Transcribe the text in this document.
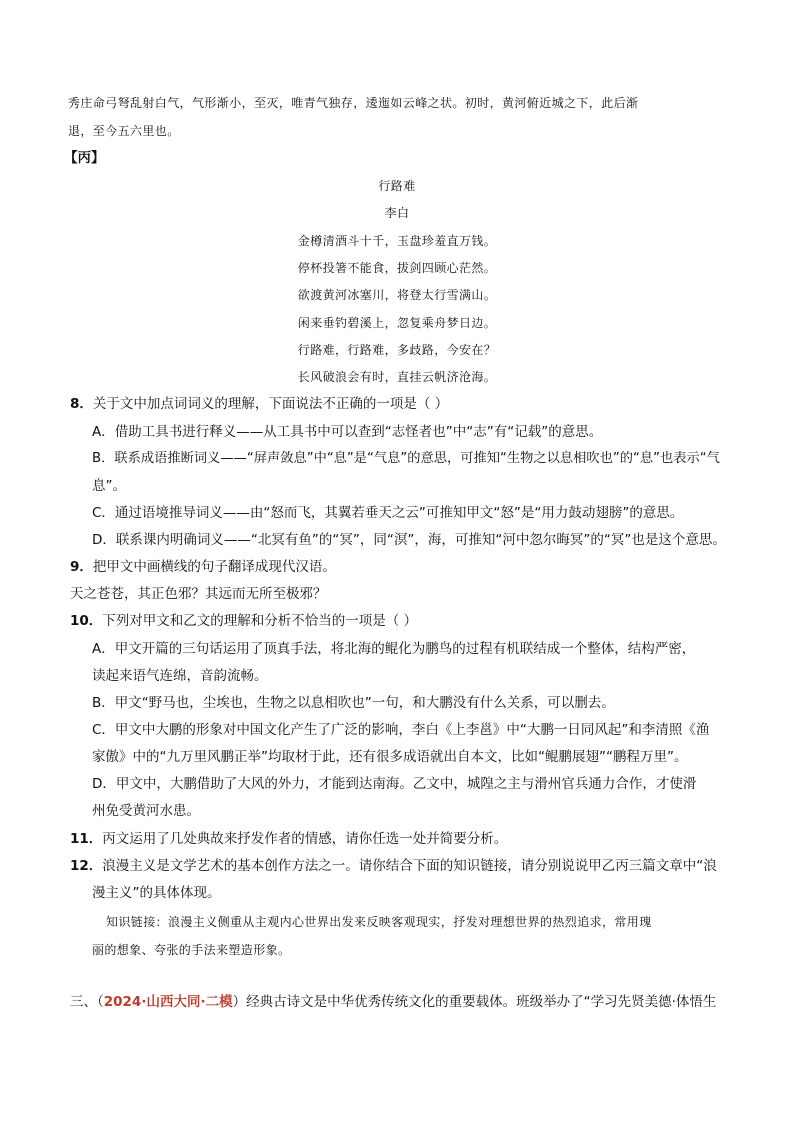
秀庄命弓弩乱射白气，气形渐小，至灭，唯青气独存，逶迤如云峰之状。初时，黄河俯近城之下，此后渐
退，至今五六里也。
【丙】
行路难
李白
金樽清酒斗十千，玉盘珍羞直万钱。
停杯投箸不能食，拔剑四顾心茫然。
欲渡黄河冰塞川，将登太行雪满山。
闲来垂钓碧溪上，忽复乘舟梦日边。
行路难，行路难，多歧路，今安在？
长风破浪会有时，直挂云帆济沧海。
8．关于文中加点词词义的理解，下面说法不正确的一项是（ ）
A．借助工具书进行释义——从工具书中可以查到“志怪者也”中“志”有“记载”的意思。
B．联系成语推断词义——“屏声敛息”中“息”是“气息”的意思，可推知“生物之以息相吹也”的“息”也表示“气
息”。
C．通过语境推导词义——由“怒而飞，其翼若垂天之云”可推知甲文“怒”是“用力鼓动翅膀”的意思。
D．联系课内明确词义——“北冥有鱼”的“冥”，同“溟”，海，可推知“河中忽尔晦冥”的“冥”也是这个意思。
9．把甲文中画横线的句子翻译成现代汉语。
天之苍苍，其正色邪？其远而无所至极邪？
10．下列对甲文和乙文的理解和分析不恰当的一项是（ ）
A．甲文开篇的三句话运用了顶真手法，将北海的鲲化为鹏鸟的过程有机联结成一个整体，结构严密，
读起来语气连绵，音韵流畅。
B．甲文“野马也，尘埃也，生物之以息相吹也”一句，和大鹏没有什么关系，可以删去。
C．甲文中大鹏的形象对中国文化产生了广泛的影响，李白《上李邕》中“大鹏一日同风起”和李清照《渔
家傲》中的“九万里风鹏正举”均取材于此，还有很多成语就出自本文，比如“鲲鹏展翅”“鹏程万里”。
D．甲文中，大鹏借助了大风的外力，才能到达南海。乙文中，城隍之主与滑州官兵通力合作，才使滑
州免受黄河水患。
11．丙文运用了几处典故来抒发作者的情感，请你任选一处并简要分析。
12．浪漫主义是文学艺术的基本创作方法之一。请你结合下面的知识链接，请分别说说甲乙丙三篇文章中“浪
漫主义”的具体体现。
知识链接：浪漫主义侧重从主观内心世界出发来反映客观现实，抒发对理想世界的热烈追求，常用瑰
丽的想象、夸张的手法来塑造形象。
三、（2024·山西大同·二模）经典古诗文是中华优秀传统文化的重要载体。班级举办了“学习先贤美德·体悟生
